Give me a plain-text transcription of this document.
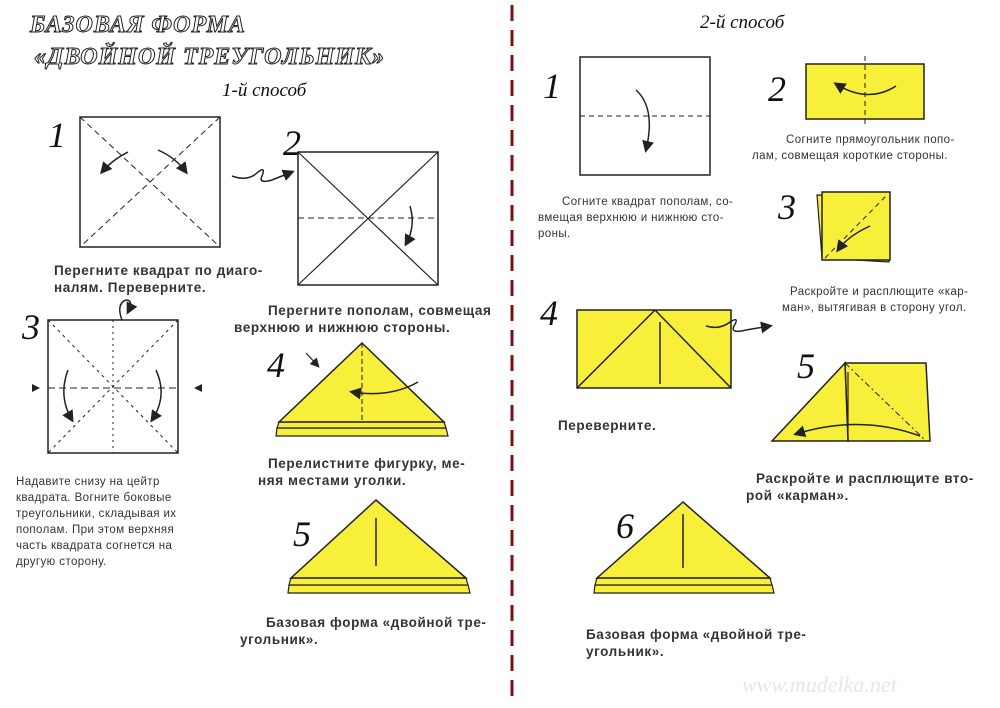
БАЗОВАЯ ФОРМА
«ДВОЙНОЙ ТРЕУГОЛЬНИК»
1-й способ
2-й способ
1	2
3
4
5
Перегните квадрат по диаго-
налям. Переверните.
Перегните пополам, совмещая
верхнюю и нижнюю стороны.
Надавите снизу на цейтр
квадрата. Вогните боковые
треугольники, складывая их
пополам. При этом верхняя
часть квадрата согнется на
другую сторону.
Перелистните фигурку, ме-
няя местами уголки.
Базовая форма «двойной тре-
угольник».
1	2
3
4
5
6
Согните квадрат пополам, со-
вмещая верхнюю и нижнюю сто-
роны.
Согните прямоугольник попо-
лам, совмещая короткие стороны.
Раскройте и расплющите «кар-
ман», вытягивая в сторону угол.
Переверните.
Раскройте и расплющите вто-
рой «карман».
Базовая форма «двойной тре-
угольник».
www.mudelka.net
